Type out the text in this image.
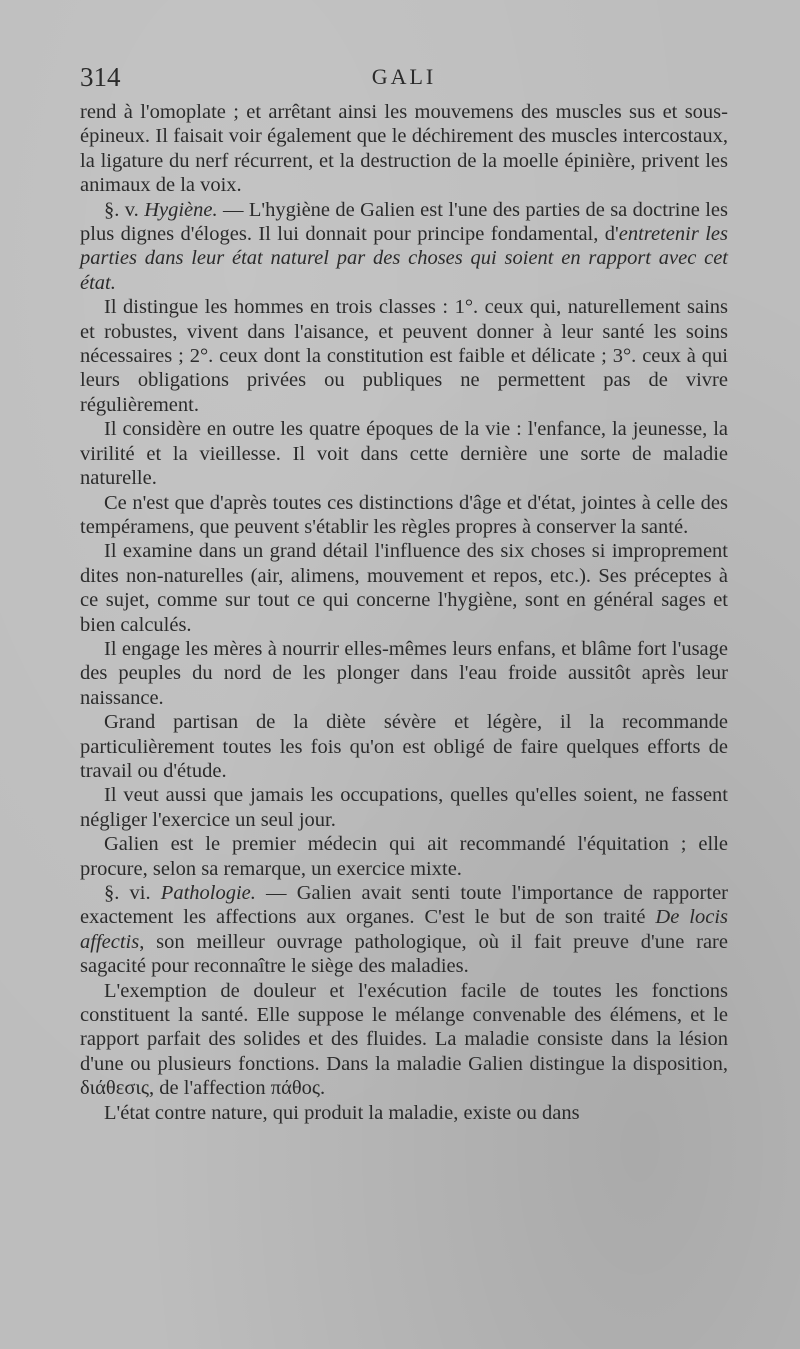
314	GALI

rend à l'omoplate ; et arrêtant ainsi les mouvemens des muscles sus et sous-épineux. Il faisait voir également que le déchirement des muscles intercostaux, la ligature du nerf récurrent, et la destruction de la moelle épinière, privent les animaux de la voix.

§. v. Hygiène. — L'hygiène de Galien est l'une des parties de sa doctrine les plus dignes d'éloges. Il lui donnait pour principe fondamental, d'entretenir les parties dans leur état naturel par des choses qui soient en rapport avec cet état.

Il distingue les hommes en trois classes : 1°. ceux qui, naturellement sains et robustes, vivent dans l'aisance, et peuvent donner à leur santé les soins nécessaires ; 2°. ceux dont la constitution est faible et délicate ; 3°. ceux à qui leurs obligations privées ou publiques ne permettent pas de vivre régulièrement.

Il considère en outre les quatre époques de la vie : l'enfance, la jeunesse, la virilité et la vieillesse. Il voit dans cette dernière une sorte de maladie naturelle.

Ce n'est que d'après toutes ces distinctions d'âge et d'état, jointes à celle des tempéramens, que peuvent s'établir les règles propres à conserver la santé.

Il examine dans un grand détail l'influence des six choses si improprement dites non-naturelles (air, alimens, mouvement et repos, etc.). Ses préceptes à ce sujet, comme sur tout ce qui concerne l'hygiène, sont en général sages et bien calculés.

Il engage les mères à nourrir elles-mêmes leurs enfans, et blâme fort l'usage des peuples du nord de les plonger dans l'eau froide aussitôt après leur naissance.

Grand partisan de la diète sévère et légère, il la recommande particulièrement toutes les fois qu'on est obligé de faire quelques efforts de travail ou d'étude.

Il veut aussi que jamais les occupations, quelles qu'elles soient, ne fassent négliger l'exercice un seul jour.

Galien est le premier médecin qui ait recommandé l'équitation ; elle procure, selon sa remarque, un exercice mixte.

§. vi. Pathologie. — Galien avait senti toute l'importance de rapporter exactement les affections aux organes. C'est le but de son traité De locis affectis, son meilleur ouvrage pathologique, où il fait preuve d'une rare sagacité pour reconnaître le siège des maladies.

L'exemption de douleur et l'exécution facile de toutes les fonctions constituent la santé. Elle suppose le mélange convenable des élémens, et le rapport parfait des solides et des fluides. La maladie consiste dans la lésion d'une ou plusieurs fonctions. Dans la maladie Galien distingue la disposition, διάθεσις, de l'affection πάθος.

L'état contre nature, qui produit la maladie, existe ou dans
